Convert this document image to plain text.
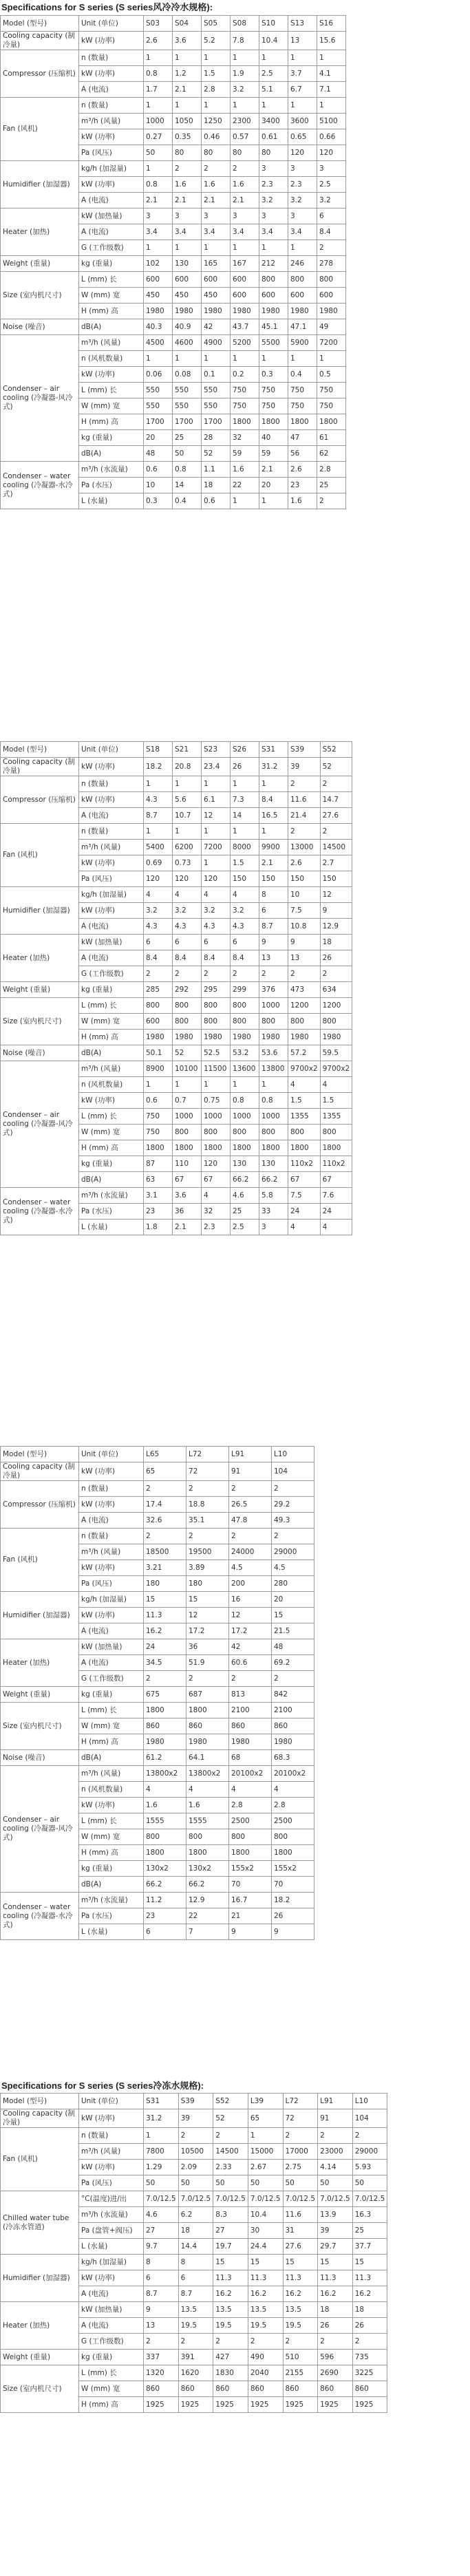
Specifications for S series (S series风冷冷水规格):
Model (型号)	Unit (单位)	S03	S04	S05	S08	S10	S13	S16
Cooling capacity (制冷量)	kW (功率)	2.6	3.6	5.2	7.8	10.4	13	15.6
Compressor (压缩机)	n (数量)	1	1	1	1	1	1	1
	kW (功率)	0.8	1.2	1.5	1.9	2.5	3.7	4.1
	A (电流)	1.7	2.1	2.8	3.2	5.1	6.7	7.1
Fan (风机)	n (数量)	1	1	1	1	1	1	1
	m³/h (风量)	1000	1050	1250	2300	3400	3600	5100
	kW (功率)	0.27	0.35	0.46	0.57	0.61	0.65	0.66
	Pa (风压)	50	80	80	80	80	120	120
Humidifier (加湿器)	kg/h (加湿量)	1	2	2	2	3	3	3
	kW (功率)	0.8	1.6	1.6	1.6	2.3	2.3	2.5
	A (电流)	2.1	2.1	2.1	2.1	3.2	3.2	3.2
Heater (加热)	kW (加热量)	3	3	3	3	3	3	6
	A (电流)	3.4	3.4	3.4	3.4	3.4	3.4	8.4
	G (工作级数)	1	1	1	1	1	1	2
Weight (重量)	kg (重量)	102	130	165	167	212	246	278
Size (室内机尺寸)	L (mm) 长	600	600	600	600	800	800	800
	W (mm) 宽	450	450	450	600	600	600	600
	H (mm) 高	1980	1980	1980	1980	1980	1980	1980
Noise (噪音)	dB(A)	40.3	40.9	42	43.7	45.1	47.1	49
Condenser – air cooling (冷凝器-风冷式)	m³/h (风量)	4500	4600	4900	5200	5500	5900	7200
	n (风机数量)	1	1	1	1	1	1	1
	kW (功率)	0.06	0.08	0.1	0.2	0.3	0.4	0.5
	L (mm) 长	550	550	550	750	750	750	750
	W (mm) 宽	550	550	550	750	750	750	750
	H (mm) 高	1700	1700	1700	1800	1800	1800	1800
	kg (重量)	20	25	28	32	40	47	61
	dB(A)	48	50	52	59	59	56	62
Condenser – water cooling (冷凝器-水冷式)	m³/h (水流量)	0.6	0.8	1.1	1.6	2.1	2.6	2.8
	Pa (水压)	10	14	18	22	20	23	25
	L (水量)	0.3	0.4	0.6	1	1	1.6	2
Model (型号)	Unit (单位)	S18	S21	S23	S26	S31	S39	S52
Cooling capacity (制冷量)	kW (功率)	18.2	20.8	23.4	26	31.2	39	52
Compressor (压缩机)	n (数量)	1	1	1	1	1	2	2
	kW (功率)	4.3	5.6	6.1	7.3	8.4	11.6	14.7
	A (电流)	8.7	10.7	12	14	16.5	21.4	27.6
Fan (风机)	n (数量)	1	1	1	1	1	2	2
	m³/h (风量)	5400	6200	7200	8000	9900	13000	14500
	kW (功率)	0.69	0.73	1	1.5	2.1	2.6	2.7
	Pa (风压)	120	120	120	150	150	150	150
Humidifier (加湿器)	kg/h (加湿量)	4	4	4	4	8	10	12
	kW (功率)	3.2	3.2	3.2	3.2	6	7.5	9
	A (电流)	4.3	4.3	4.3	4.3	8.7	10.8	12.9
Heater (加热)	kW (加热量)	6	6	6	6	9	9	18
	A (电流)	8.4	8.4	8.4	8.4	13	13	26
	G (工作级数)	2	2	2	2	2	2	2
Weight (重量)	kg (重量)	285	292	295	299	376	473	634
Size (室内机尺寸)	L (mm) 长	800	800	800	800	1000	1200	1200
	W (mm) 宽	600	800	800	800	800	800	800
	H (mm) 高	1980	1980	1980	1980	1980	1980	1980
Noise (噪音)	dB(A)	50.1	52	52.5	53.2	53.6	57.2	59.5
Condenser – air cooling (冷凝器-风冷式)	m³/h (风量)	8900	10100	11500	13600	13800	9700x2	9700x2
	n (风机数量)	1	1	1	1	1	4	4
	kW (功率)	0.6	0.7	0.75	0.8	0.8	1.5	1.5
	L (mm) 长	750	1000	1000	1000	1000	1355	1355
	W (mm) 宽	750	800	800	800	800	800	800
	H (mm) 高	1800	1800	1800	1800	1800	1800	1800
	kg (重量)	87	110	120	130	130	110x2	110x2
	dB(A)	63	67	67	66.2	66.2	67	67
Condenser – water cooling (冷凝器-水冷式)	m³/h (水流量)	3.1	3.6	4	4.6	5.8	7.5	7.6
	Pa (水压)	23	36	32	25	33	24	24
	L (水量)	1.8	2.1	2.3	2.5	3	4	4
Model (型号)	Unit (单位)	L65	L72	L91	L10
Cooling capacity (制冷量)	kW (功率)	65	72	91	104
Compressor (压缩机)	n (数量)	2	2	2	2
	kW (功率)	17.4	18.8	26.5	29.2
	A (电流)	32.6	35.1	47.8	49.3
Fan (风机)	n (数量)	2	2	2	2
	m³/h (风量)	18500	19500	24000	29000
	kW (功率)	3.21	3.89	4.5	4.5
	Pa (风压)	180	180	200	280
Humidifier (加湿器)	kg/h (加湿量)	15	15	16	20
	kW (功率)	11.3	12	12	15
	A (电流)	16.2	17.2	17.2	21.5
Heater (加热)	kW (加热量)	24	36	42	48
	A (电流)	34.5	51.9	60.6	69.2
	G (工作级数)	2	2	2	2
Weight (重量)	kg (重量)	675	687	813	842
Size (室内机尺寸)	L (mm) 长	1800	1800	2100	2100
	W (mm) 宽	860	860	860	860
	H (mm) 高	1980	1980	1980	1980
Noise (噪音)	dB(A)	61.2	64.1	68	68.3
Condenser – air cooling (冷凝器-风冷式)	m³/h (风量)	13800x2	13800x2	20100x2	20100x2
	n (风机数量)	4	4	4	4
	kW (功率)	1.6	1.6	2.8	2.8
	L (mm) 长	1555	1555	2500	2500
	W (mm) 宽	800	800	800	800
	H (mm) 高	1800	1800	1800	1800
	kg (重量)	130x2	130x2	155x2	155x2
	dB(A)	66.2	66.2	70	70
Condenser – water cooling (冷凝器-水冷式)	m³/h (水流量)	11.2	12.9	16.7	18.2
	Pa (水压)	23	22	21	26
	L (水量)	6	7	9	9
Specifications for S series (S series冷冻水规格):
Model (型号)	Unit (单位)	S31	S39	S52	L39	L72	L91	L10
Cooling capacity (制冷量)	kW (功率)	31.2	39	52	65	72	91	104
Fan (风机)	n (数量)	1	2	2	1	2	2	2
	m³/h (风量)	7800	10500	14500	15000	17000	23000	29000
	kW (功率)	1.29	2.09	2.33	2.67	2.75	4.14	5.93
	Pa (风压)	50	50	50	50	50	50	50
Chilled water tube (冷冻水管道)	°C(温度)进/出	7.0/12.5	7.0/12.5	7.0/12.5	7.0/12.5	7.0/12.5	7.0/12.5	7.0/12.5
	m³/h (水流量)	4.6	6.2	8.3	10.4	11.6	13.9	16.3
	Pa (盘管+阀压)	27	18	27	30	31	39	25
	L (水量)	9.7	14.4	19.7	24.4	27.6	29.7	37.7
Humidifier (加湿器)	kg/h (加湿量)	8	8	15	15	15	15	15
	kW (功率)	6	6	11.3	11.3	11.3	11.3	11.3
	A (电流)	8.7	8.7	16.2	16.2	16.2	16.2	16.2
Heater (加热)	kW (加热量)	9	13.5	13.5	13.5	13.5	18	18
	A (电流)	13	19.5	19.5	19.5	19.5	26	26
	G (工作级数)	2	2	2	2	2	2	2
Weight (重量)	kg (重量)	337	391	427	490	510	596	735
Size (室内机尺寸)	L (mm) 长	1320	1620	1830	2040	2155	2690	3225
	W (mm) 宽	860	860	860	860	860	860	860
	H (mm) 高	1925	1925	1925	1925	1925	1925	1925
